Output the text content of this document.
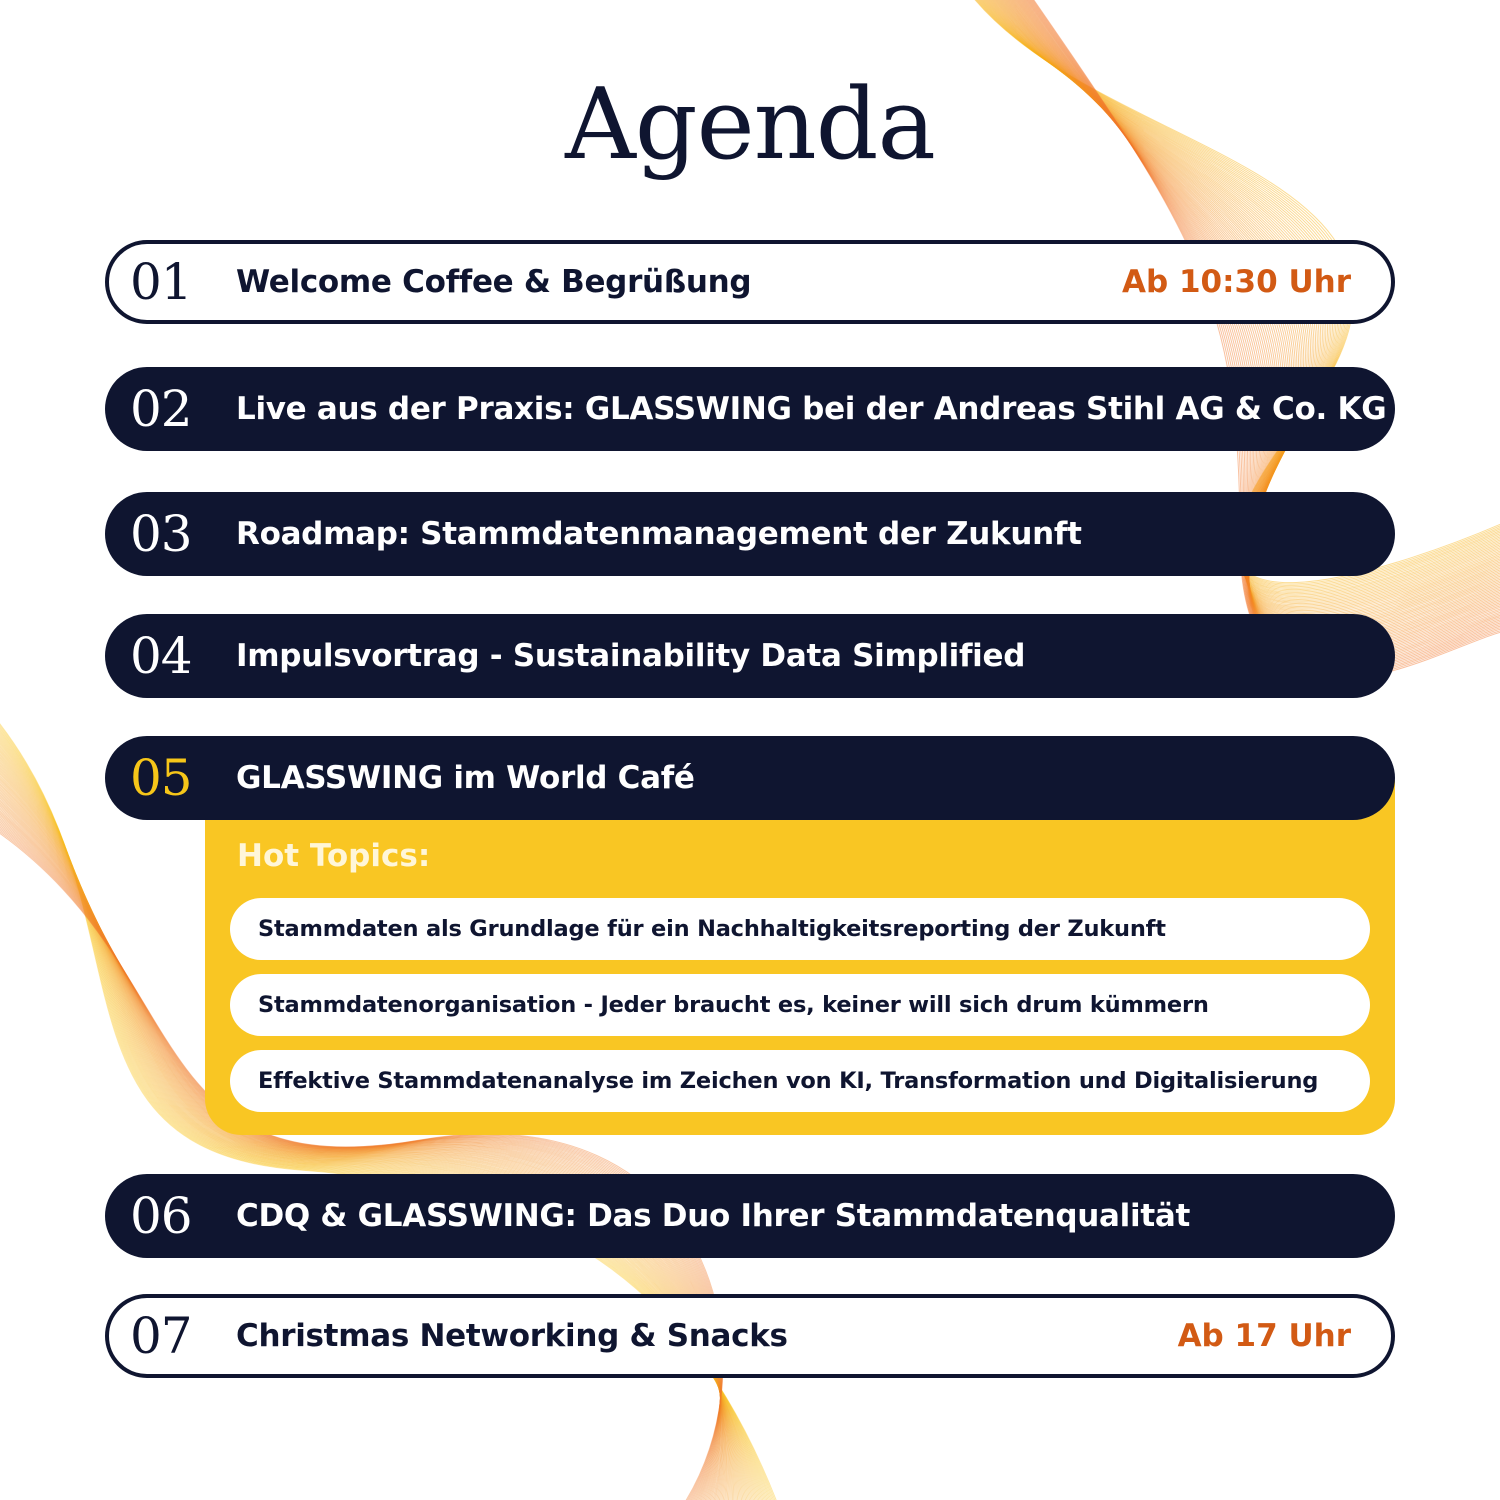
Agenda
01 Welcome Coffee & Begrüßung	Ab 10:30 Uhr
02 Live aus der Praxis: GLASSWING bei der Andreas Stihl AG & Co. KG
03 Roadmap: Stammdatenmanagement der Zukunft
04 Impulsvortrag - Sustainability Data Simplified
05 GLASSWING im World Café
Hot Topics:
Stammdaten als Grundlage für ein Nachhaltigkeitsreporting der Zukunft
Stammdatenorganisation - Jeder braucht es, keiner will sich drum kümmern
Effektive Stammdatenanalyse im Zeichen von KI, Transformation und Digitalisierung
06 CDQ & GLASSWING: Das Duo Ihrer Stammdatenqualität
07 Christmas Networking & Snacks	Ab 17 Uhr
